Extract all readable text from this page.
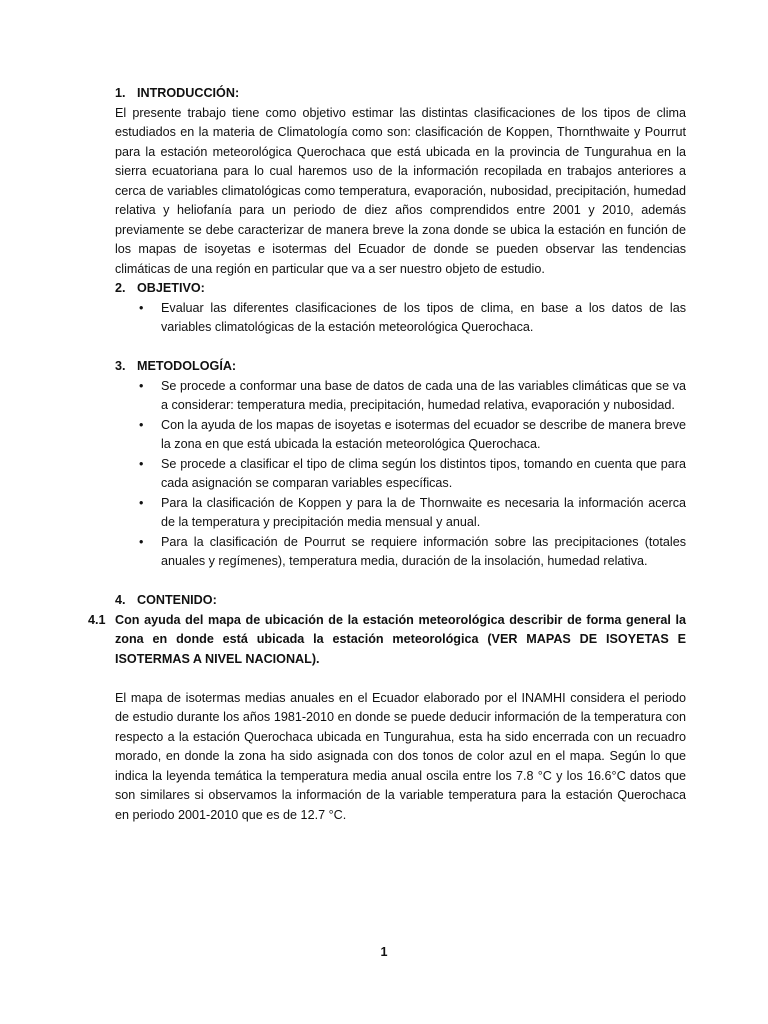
1. INTRODUCCIÓN:

El presente trabajo tiene como objetivo estimar las distintas clasificaciones de los tipos de clima estudiados en la materia de Climatología como son: clasificación de Koppen, Thornthwaite y Pourrut para la estación meteorológica Querochaca que está ubicada en la provincia de Tungurahua en la sierra ecuatoriana para lo cual haremos uso de la información recopilada en trabajos anteriores a cerca de variables climatológicas como temperatura, evaporación, nubosidad, precipitación, humedad relativa y heliofanía para un periodo de diez años comprendidos entre 2001 y 2010, además previamente se debe caracterizar de manera breve la zona donde se ubica la estación en función de los mapas de isoyetas e isotermas del Ecuador de donde se pueden observar las tendencias climáticas de una región en particular que va a ser nuestro objeto de estudio.

2. OBJETIVO:

• Evaluar las diferentes clasificaciones de los tipos de clima, en base a los datos de las variables climatológicas de la estación meteorológica Querochaca.

3. METODOLOGÍA:

• Se procede a conformar una base de datos de cada una de las variables climáticas que se va a considerar: temperatura media, precipitación, humedad relativa, evaporación y nubosidad.
• Con la ayuda de los mapas de isoyetas e isotermas del ecuador se describe de manera breve la zona en que está ubicada la estación meteorológica Querochaca.
• Se procede a clasificar el tipo de clima según los distintos tipos, tomando en cuenta que para cada asignación se comparan variables específicas.
• Para la clasificación de Koppen y para la de Thornwaite es necesaria la información acerca de la temperatura y precipitación media mensual y anual.
• Para la clasificación de Pourrut se requiere información sobre las precipitaciones (totales anuales y regímenes), temperatura media, duración de la insolación, humedad relativa.

4. CONTENIDO:

4.1 Con ayuda del mapa de ubicación de la estación meteorológica describir de forma general la zona en donde está ubicada la estación meteorológica (VER MAPAS DE ISOYETAS E ISOTERMAS A NIVEL NACIONAL).

El mapa de isotermas medias anuales en el Ecuador elaborado por el INAMHI considera el periodo de estudio durante los años 1981-2010 en donde se puede deducir información de la temperatura con respecto a la estación Querochaca ubicada en Tungurahua, esta ha sido encerrada con un recuadro morado, en donde la zona ha sido asignada con dos tonos de color azul en el mapa. Según lo que indica la leyenda temática la temperatura media anual oscila entre los 7.8 °C y los 16.6°C datos que son similares si observamos la información de la variable temperatura para la estación Querochaca en periodo 2001-2010 que es de 12.7 °C.

1
